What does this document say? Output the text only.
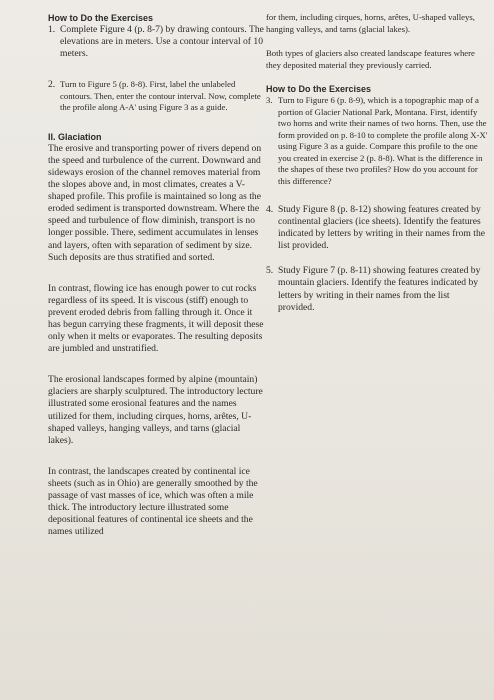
How to Do the Exercises
1. Complete Figure 4 (p. 8-7) by drawing contours. The elevations are in meters. Use a contour interval of 10 meters.

2. Turn to Figure 5 (p. 8-8). First, label the unlabeled contours. Then, enter the contour interval. Now, complete the profile along A-A' using Figure 3 as a guide.

II. Glaciation

The erosive and transporting power of rivers depend on the speed and turbulence of the current. Downward and sideways erosion of the channel removes material from the slopes above and, in most climates, creates a V-shaped profile. This profile is maintained so long as the eroded sediment is transported downstream. Where the speed and turbulence of flow diminish, transport is no longer possible. There, sediment accumulates in lenses and layers, often with separation of sediment by size. Such deposits are thus stratified and sorted.

In contrast, flowing ice has enough power to cut rocks regardless of its speed. It is viscous (stiff) enough to prevent eroded debris from falling through it. Once it has begun carrying these fragments, it will deposit these only when it melts or evaporates. The resulting deposits are jumbled and unstratified.

The erosional landscapes formed by alpine (mountain) glaciers are sharply sculptured. The introductory lecture illustrated some erosional features and the names utilized for them, including cirques, horns, arêtes, U-shaped valleys, hanging valleys, and tarns (glacial lakes).

In contrast, the landscapes created by continental ice sheets (such as in Ohio) are generally smoothed by the passage of vast masses of ice, which was often a mile thick. The introductory lecture illustrated some depositional features of continental ice sheets and the names utilized

for them, including cirques, horns, arêtes, U-shaped valleys, hanging valleys, and tarns (glacial lakes).

Both types of glaciers also created landscape features where they deposited material they previously carried.

How to Do the Exercises
3. Turn to Figure 6 (p. 8-9), which is a topographic map of a portion of Glacier National Park, Montana. First, identify two horns and write their names of two horns. Then, use the form provided on p. 8-10 to complete the profile along X-X' using Figure 3 as a guide. Compare this profile to the one you created in exercise 2 (p. 8-8). What is the difference in the shapes of these two profiles? How do you account for this difference?

4. Study Figure 8 (p. 8-12) showing features created by continental glaciers (ice sheets). Identify the features indicated by letters by writing in their names from the list provided.

5. Study Figure 7 (p. 8-11) showing features created by mountain glaciers. Identify the features indicated by letters by writing in their names from the list provided.
